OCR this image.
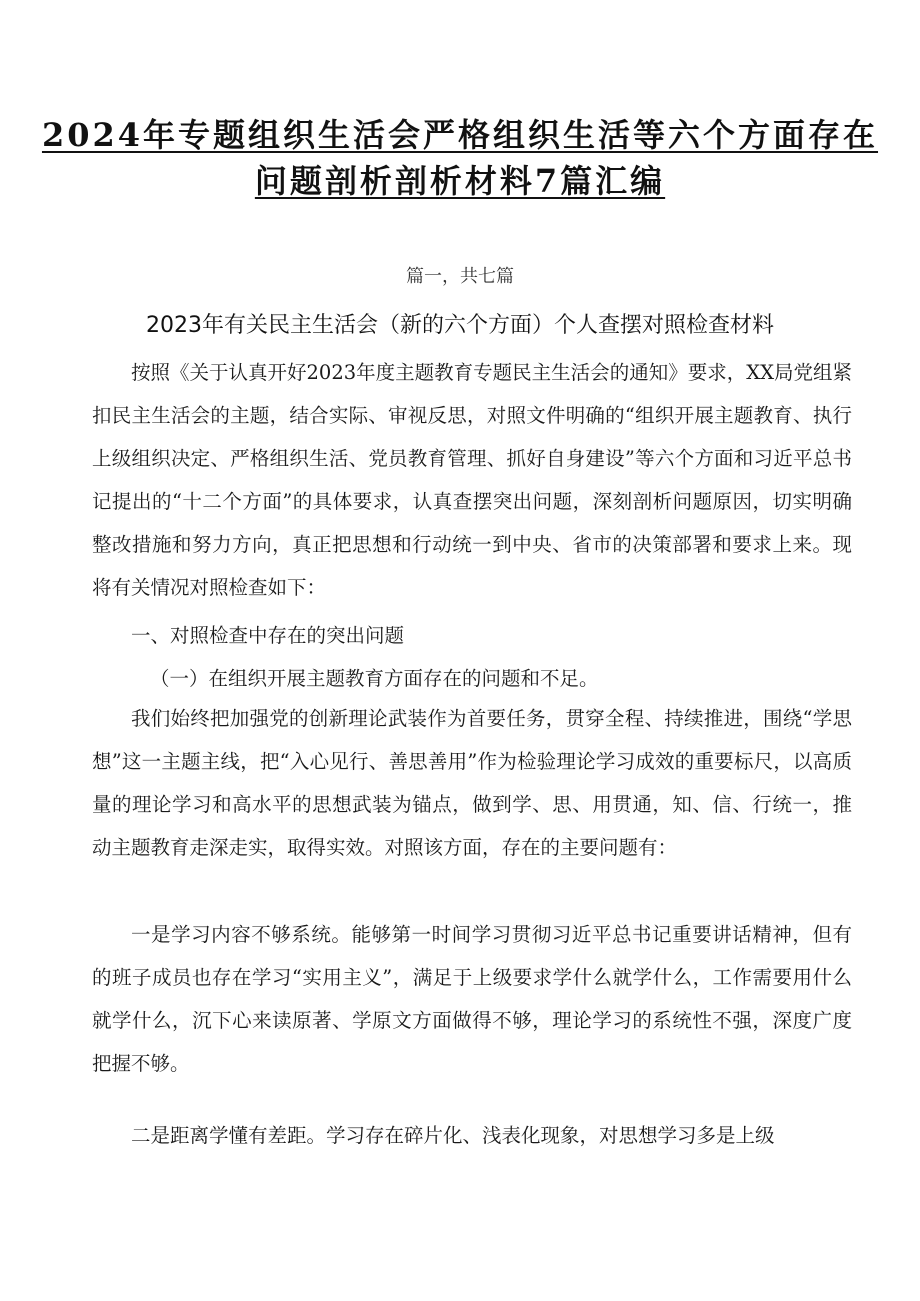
2024年专题组织生活会严格组织生活等六个方面存在问题剖析剖析材料7篇汇编
篇一，共七篇
2023年有关民主生活会（新的六个方面）个人查摆对照检查材料

按照《关于认真开好2023年度主题教育专题民主生活会的通知》要求，XX局党组紧扣民主生活会的主题，结合实际、审视反思，对照文件明确的“组织开展主题教育、执行上级组织决定、严格组织生活、党员教育管理、抓好自身建设”等六个方面和习近平总书记提出的“十二个方面”的具体要求，认真查摆突出问题，深刻剖析问题原因，切实明确整改措施和努力方向，真正把思想和行动统一到中央、省市的决策部署和要求上来。现将有关情况对照检查如下：

一、对照检查中存在的突出问题

（一）在组织开展主题教育方面存在的问题和不足。

我们始终把加强党的创新理论武装作为首要任务，贯穿全程、持续推进，围绕“学思想”这一主题主线，把“入心见行、善思善用”作为检验理论学习成效的重要标尺，以高质量的理论学习和高水平的思想武装为锚点，做到学、思、用贯通，知、信、行统一，推动主题教育走深走实，取得实效。对照该方面，存在的主要问题有：

一是学习内容不够系统。能够第一时间学习贯彻习近平总书记重要讲话精神，但有的班子成员也存在学习“实用主义”，满足于上级要求学什么就学什么，工作需要用什么就学什么，沉下心来读原著、学原文方面做得不够，理论学习的系统性不强，深度广度把握不够。

二是距离学懂有差距。学习存在碎片化、浅表化现象，对思想学习多是上级
